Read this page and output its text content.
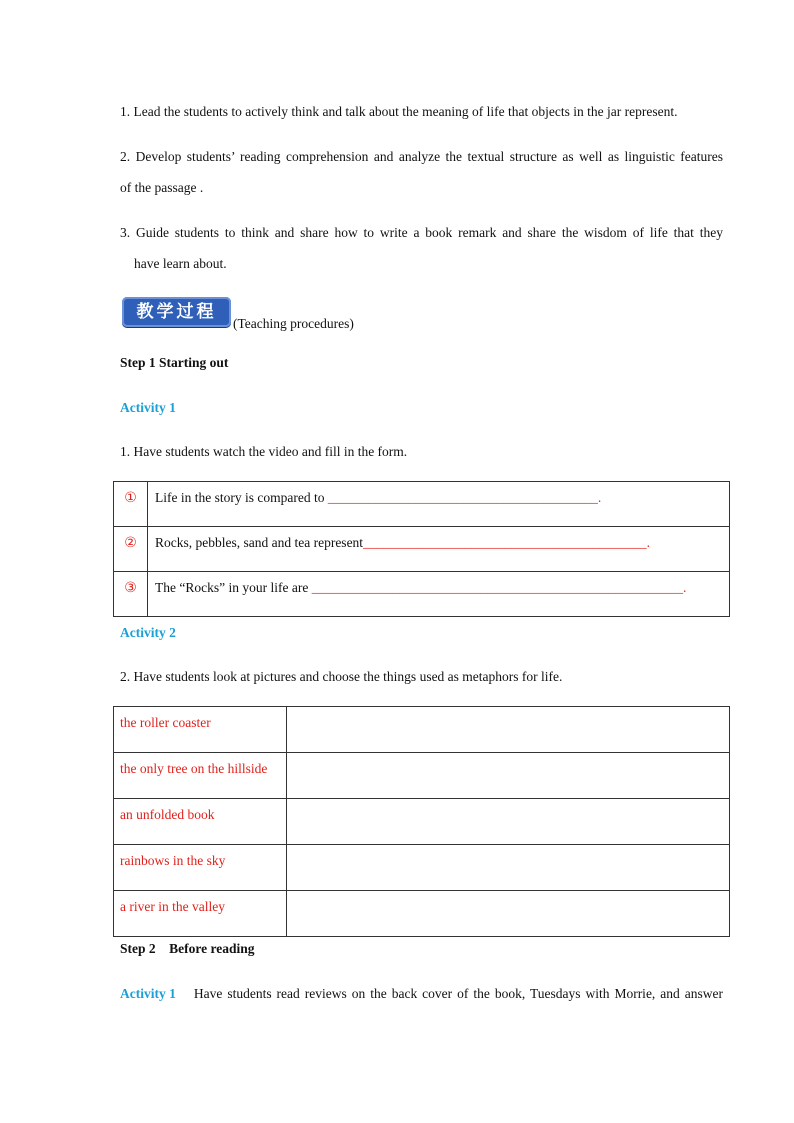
1. Lead the students to actively think and talk about the meaning of life that objects in the jar represent.
2. Develop students’ reading comprehension and analyze the textual structure as well as linguistic features
of the passage .
3. Guide students to think and share how to write a book remark and share the wisdom of life that they
have learn about.
教学过程
(Teaching procedures)
Step 1 Starting out
Activity 1
1. Have students watch the video and fill in the form.
①	Life in the story is compared to ________________________________________.
②	Rocks, pebbles, sand and tea represent__________________________________________.
③	The “Rocks” in your life are _______________________________________________________.
Activity 2
2. Have students look at pictures and choose the things used as metaphors for life.
the roller coaster	
the only tree on the hillside	
an unfolded book	
rainbows in the sky	
a river in the valley	
Step 2    Before reading
Activity 1 Have students read reviews on the back cover of the book, Tuesdays with Morrie, and answer
